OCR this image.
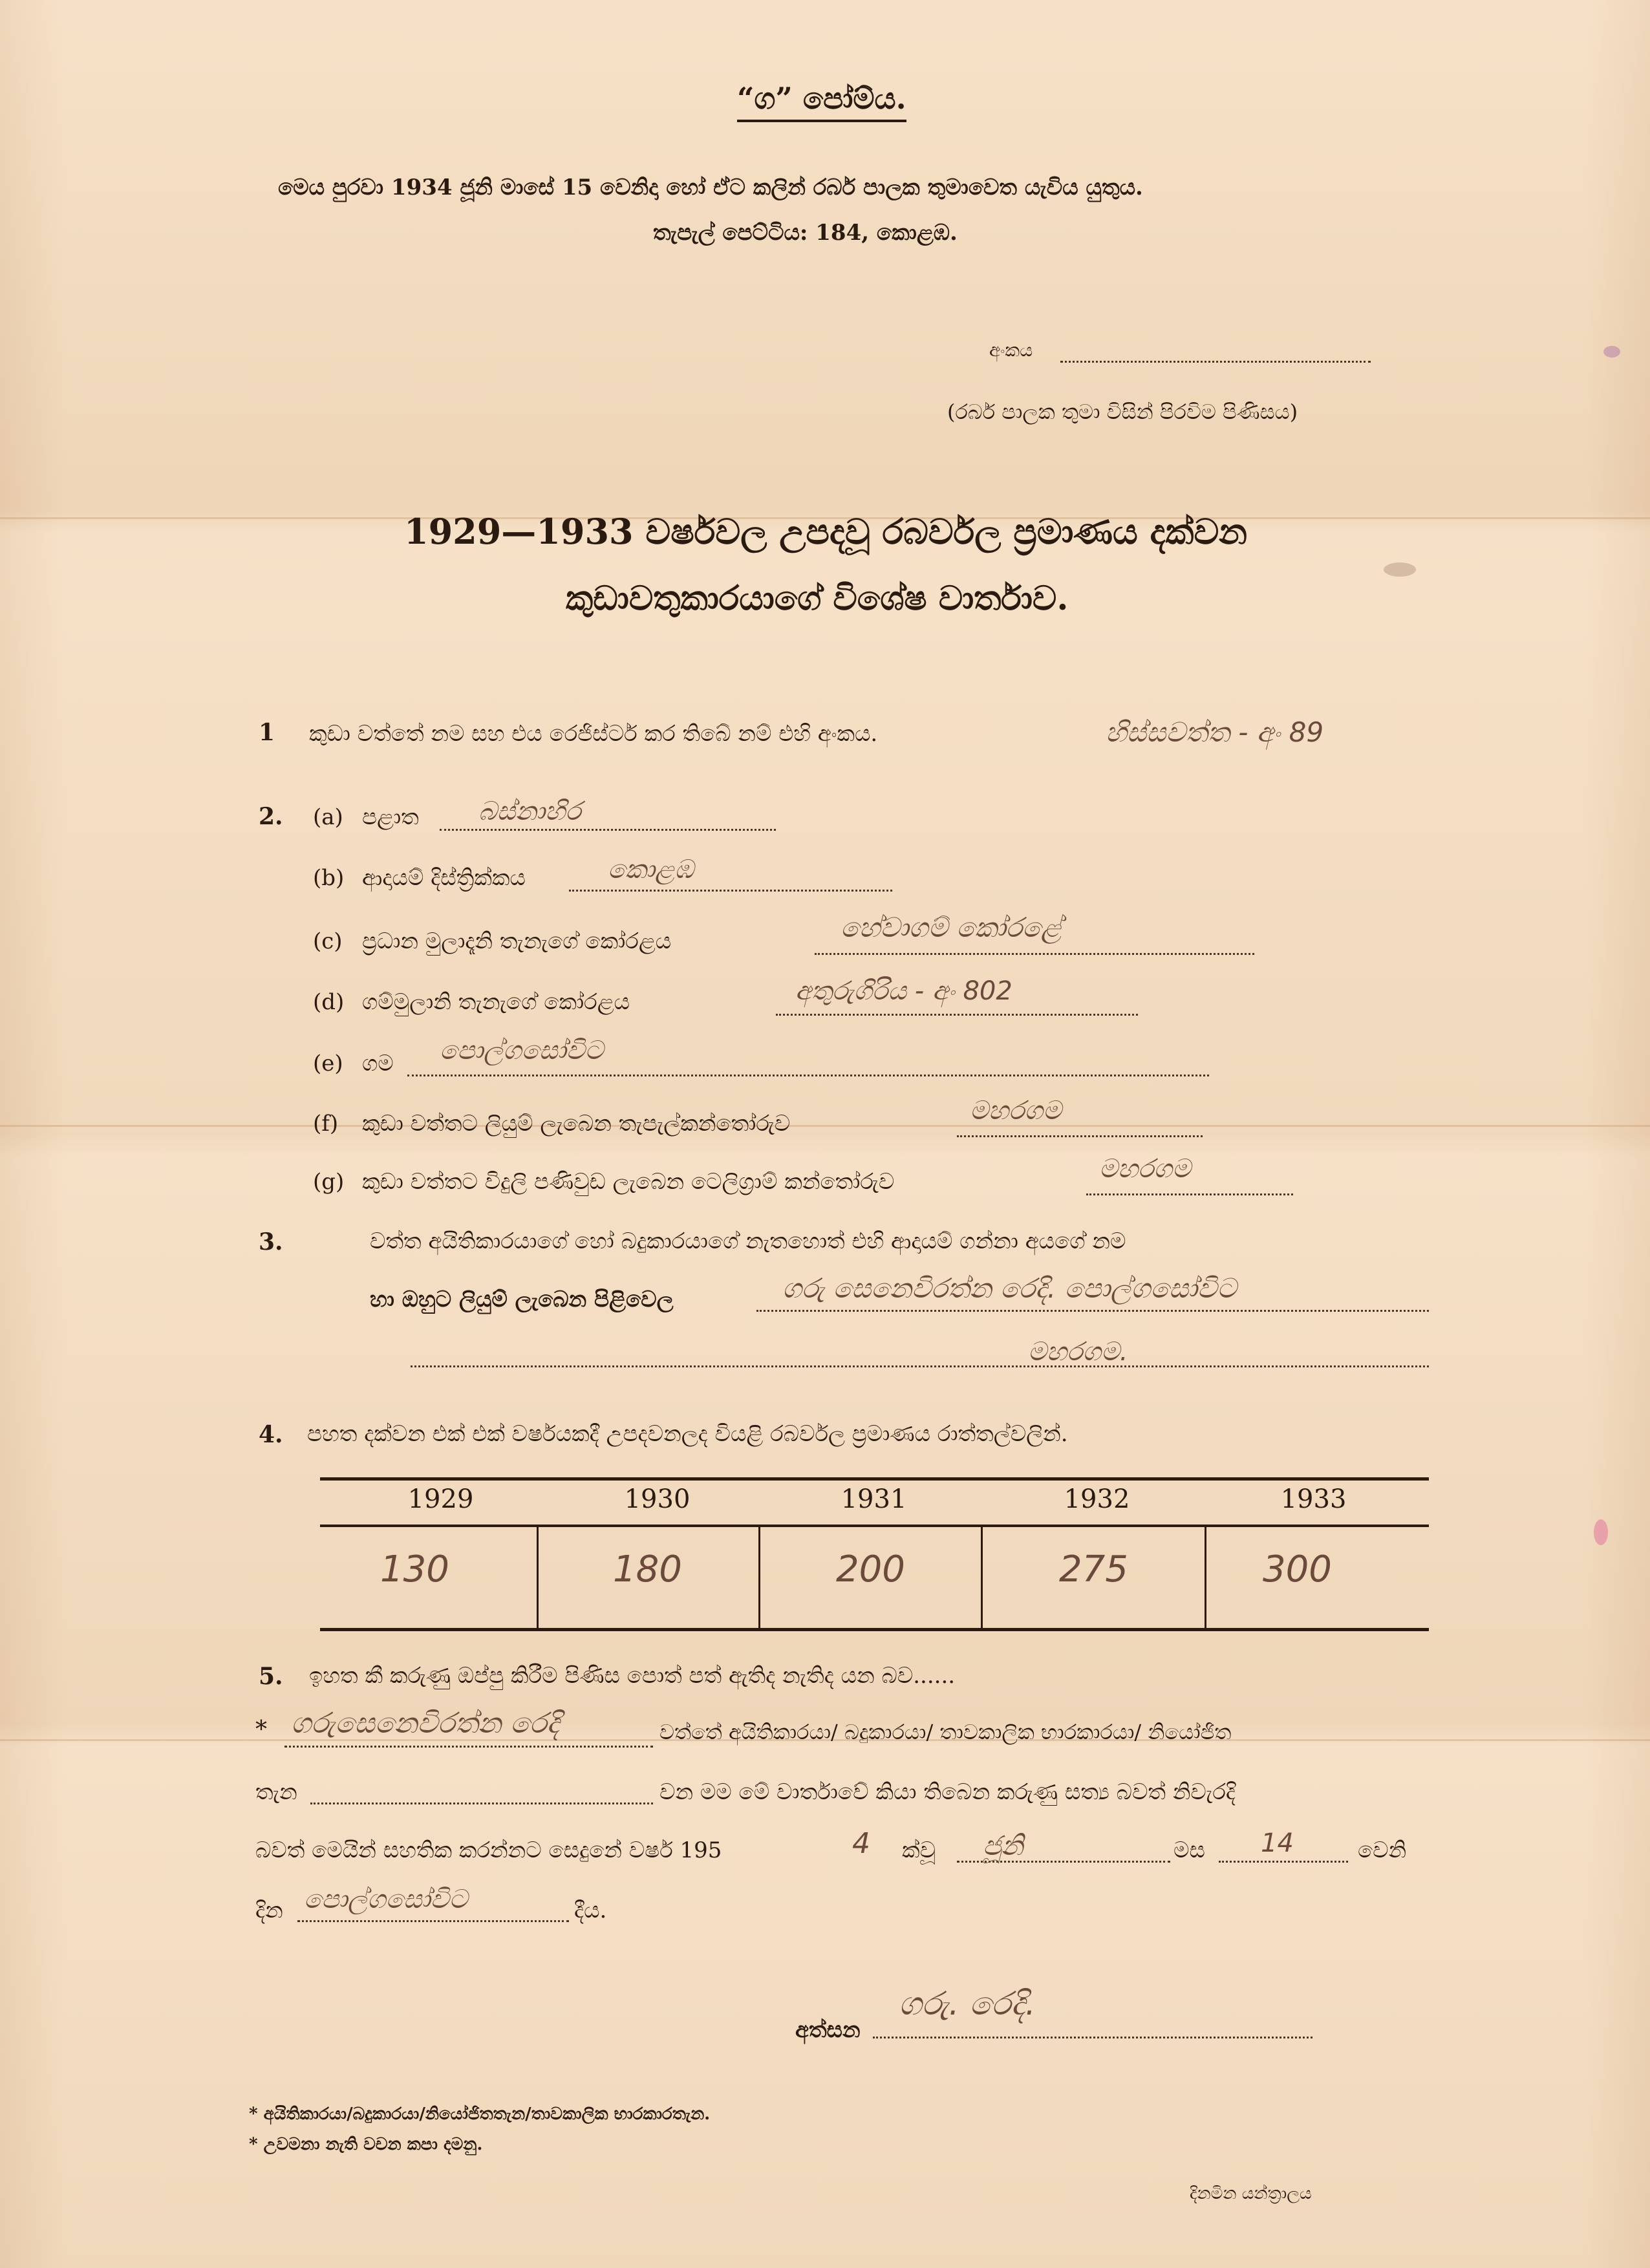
“ග” පෝම්ය.
මෙය පුරවා 1934 ජූනි මාසේ 15 වෙනිදා හෝ ඒට කලින් රබර් පාලක තුමාවෙත යැවිය යුතුය.
තැපැල් පෙට්ටිය: 184, කොළඹ.
අංකය
(රබර් පාලක තුමා විසින් පිරවිම පිණිසය)
1929—1933 වර්ෂවල උපදවූ රබර්වල ප්‍රමාණය දක්වන
කුඩාවතුකාරයාගේ විශේෂ වාර්තාව.
1 කුඩා වත්තේ නම සහ එය රෙජිස්ටර් කර තිබේ නම් එහි අංකය.	හිස්සවත්ත - අං 89
2. (a) පළාත බස්නාහිර
(b) ආදායම් දිස්ත්‍රික්කය	කොළඹ
(c) ප්‍රධාන මුලාදෑනි තැනැගේ කෝරළය	හේවාගම් කෝරළේ
(d) ගම්මුලානි තැනැගේ කෝරළය	අතුරුගිරිය - අං 802
(e) ගම පොල්ගසෝවිට
(f) කුඩා වත්තට ලියුම් ලැබෙන තැපැල්කන්තෝරුව	මහරගම
(g) කුඩා වත්තට විදුලි පණිවුඩ ලැබෙන ටෙලිග්‍රාම් කන්තෝරුව	මහරගම
3.	වත්ත අයිතිකාරයාගේ හෝ බදුකාරයාගේ නැතහොත් එහි ආදායම් ගන්නා අයගේ නම
හා ඔහුට ලියුම් ලැබෙන පිළිවෙල	ගරු සෙනෙවිරත්න රෙදි. පොල්ගසෝවිට
මහරගම.
4. පහත දක්වන එක් එක් වර්ෂයකදී උපදවනලද වියළි රබර්වල ප්‍රමාණය රාත්තල්වලින්.
1929	1930	1931	1932	1933
130	180	200	275	300
5. ඉහත කී කරුණු ඔප්පු කිරීම පිණිස පොත් පත් ඇතිද නැතිද යන බව......
* ගරුසෙනෙවිරත්න රෙදි	වත්තේ අයිතිකාරයා/ බදුකාරයා/ තාවකාලික භාරකාරයා/ නියෝජිත
තැන	වන මම මේ වාර්තාවේ කියා තිබෙන කරුණු සත්‍ය බවත් නිවැරදි
බවත් මෙයින් සහතික කරන්නට සෙදුනේ වර්ෂ 195	4 ක්වූ ජූනි	මස 14	වෙනි
දින පොල්ගසෝවිට	දීය.
අත්සන
ගරු. රෙදි.
* අයිතිකාරයා/බදුකාරයා/නියෝජිතතැන/තාවකාලික භාරකාරතැන.
* උවමනා නැති වචන කපා දමනු.
දිනමින යන්ත්‍රාලය
